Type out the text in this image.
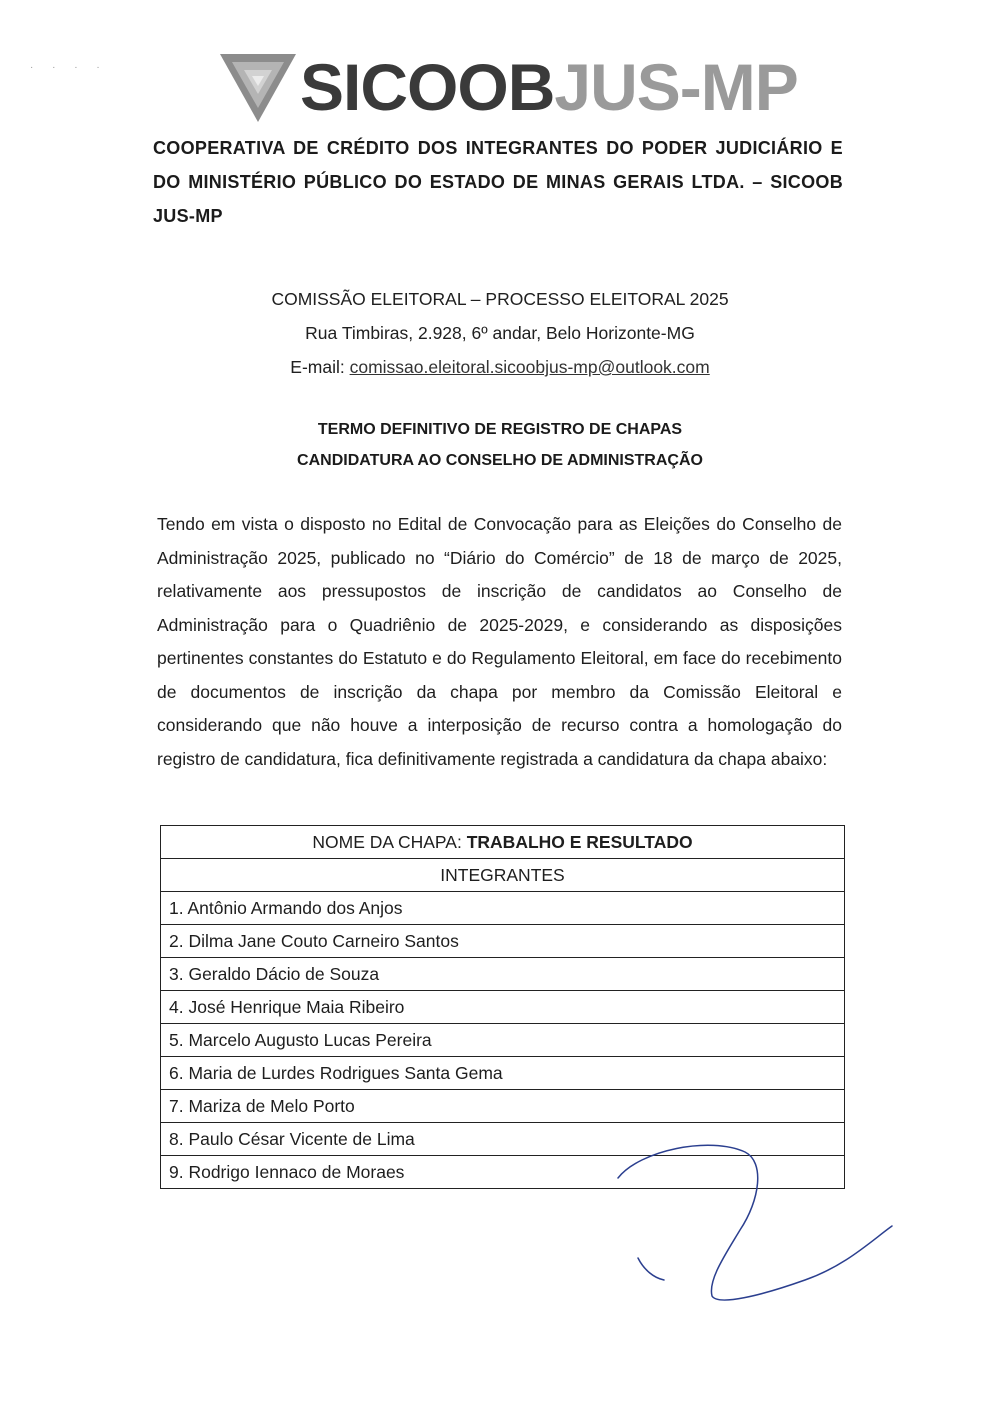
· · · ·	SICOOBJUS-MP
COOPERATIVA DE CRÉDITO DOS INTEGRANTES DO PODER JUDICIÁRIO E DO MINISTÉRIO PÚBLICO DO ESTADO DE MINAS GERAIS LTDA. – SICOOB JUS-MP
COMISSÃO ELEITORAL – PROCESSO ELEITORAL 2025
Rua Timbiras, 2.928, 6º andar, Belo Horizonte-MG
E-mail: comissao.eleitoral.sicoobjus-mp@outlook.com
TERMO DEFINITIVO DE REGISTRO DE CHAPAS
CANDIDATURA AO CONSELHO DE ADMINISTRAÇÃO
Tendo em vista o disposto no Edital de Convocação para as Eleições do Conselho de Administração 2025, publicado no “Diário do Comércio” de 18 de março de 2025, relativamente aos pressupostos de inscrição de candidatos ao Conselho de Administração para o Quadriênio de 2025-2029, e considerando as disposições pertinentes constantes do Estatuto e do Regulamento Eleitoral, em face do recebimento de documentos de inscrição da chapa por membro da Comissão Eleitoral e considerando que não houve a interposição de recurso contra a homologação do registro de candidatura, fica definitivamente registrada a candidatura da chapa abaixo:
NOME DA CHAPA: TRABALHO E RESULTADO
INTEGRANTES
1. Antônio Armando dos Anjos
2. Dilma Jane Couto Carneiro Santos
3. Geraldo Dácio de Souza
4. José Henrique Maia Ribeiro
5. Marcelo Augusto Lucas Pereira
6. Maria de Lurdes Rodrigues Santa Gema
7. Mariza de Melo Porto
8. Paulo César Vicente de Lima
9. Rodrigo Iennaco de Moraes
